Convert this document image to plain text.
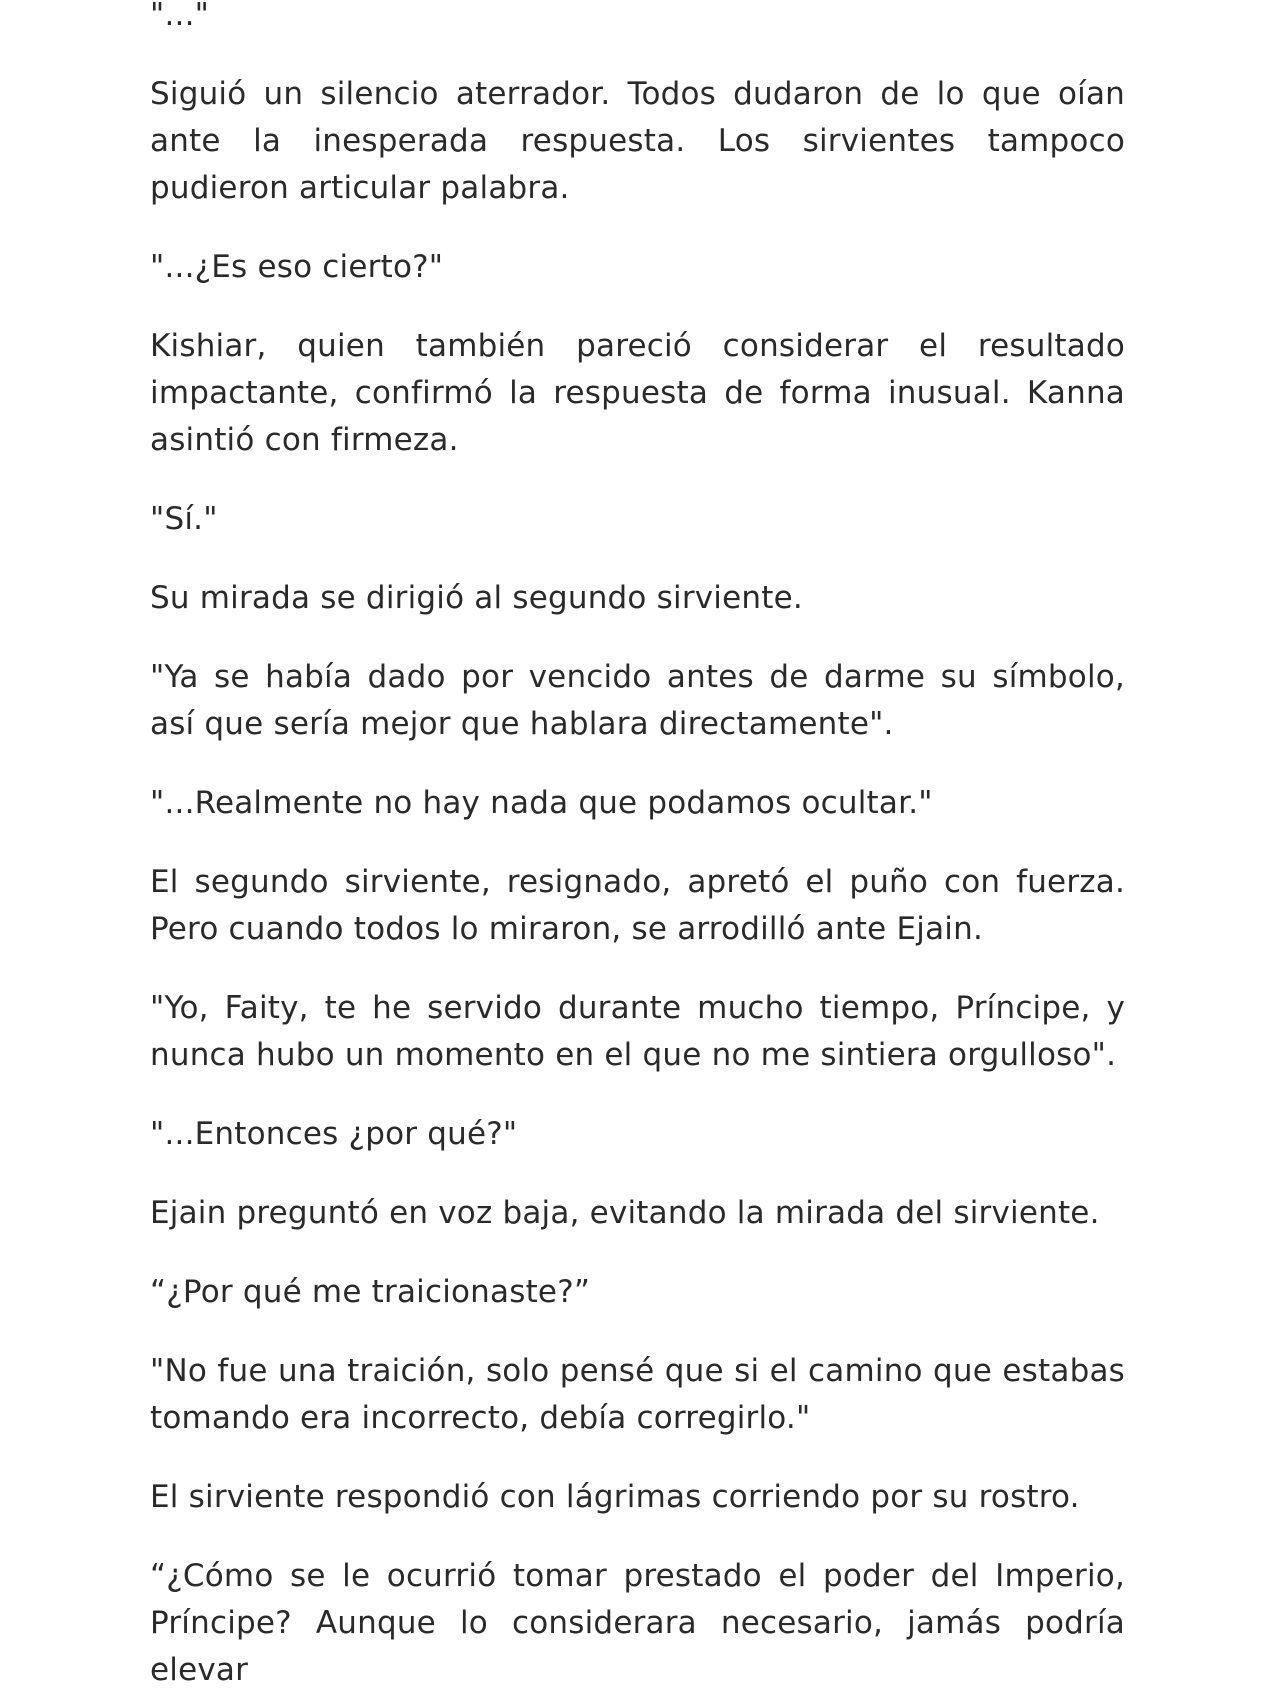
"..."

Siguió un silencio aterrador. Todos dudaron de lo que oían ante la inesperada respuesta. Los sirvientes tampoco pudieron articular palabra.

"...¿Es eso cierto?"

Kishiar, quien también pareció considerar el resultado impactante, confirmó la respuesta de forma inusual. Kanna asintió con firmeza.

"Sí."

Su mirada se dirigió al segundo sirviente.

"Ya se había dado por vencido antes de darme su símbolo, así que sería mejor que hablara directamente".

"...Realmente no hay nada que podamos ocultar."

El segundo sirviente, resignado, apretó el puño con fuerza. Pero cuando todos lo miraron, se arrodilló ante Ejain.

"Yo, Faity, te he servido durante mucho tiempo, Príncipe, y nunca hubo un momento en el que no me sintiera orgulloso".

"...Entonces ¿por qué?"

Ejain preguntó en voz baja, evitando la mirada del sirviente.

“¿Por qué me traicionaste?”

"No fue una traición, solo pensé que si el camino que estabas tomando era incorrecto, debía corregirlo."

El sirviente respondió con lágrimas corriendo por su rostro.

“¿Cómo se le ocurrió tomar prestado el poder del Imperio, Príncipe? Aunque lo considerara necesario, jamás podría elevar
